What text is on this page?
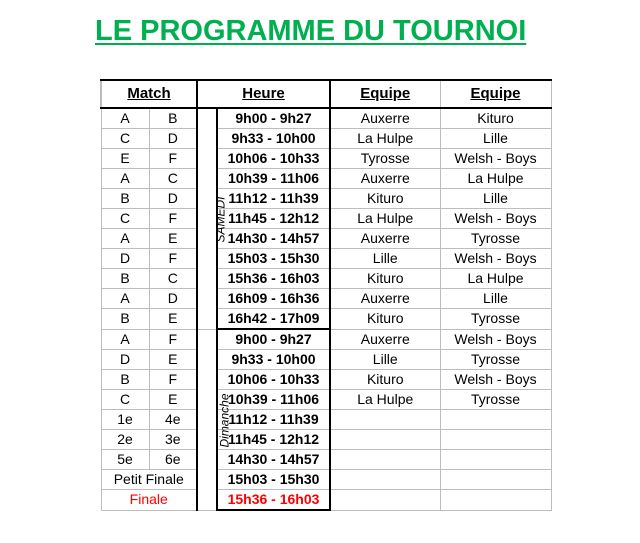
LE PROGRAMME DU TOURNOI
Match		Heure		Equipe	Equipe
A	B	SAMEDI	9h00 - 9h27	Auxerre	Kituro
C	D		9h33 - 10h00	La Hulpe	Lille
E	F		10h06 - 10h33	Tyrosse	Welsh - Boys
A	C		10h39 - 11h06	Auxerre	La Hulpe
B	D		11h12 - 11h39	Kituro	Lille
C	F		11h45 - 12h12	La Hulpe	Welsh - Boys
A	E		14h30 - 14h57	Auxerre	Tyrosse
D	F		15h03 - 15h30	Lille	Welsh - Boys
B	C		15h36 - 16h03	Kituro	La Hulpe
A	D		16h09 - 16h36	Auxerre	Lille
B	E		16h42 - 17h09	Kituro	Tyrosse
A	F	Dimanche	9h00 - 9h27	Auxerre	Welsh - Boys
D	E		9h33 - 10h00	Lille	Tyrosse
B	F		10h06 - 10h33	Kituro	Welsh - Boys
C	E		10h39 - 11h06	La Hulpe	Tyrosse
1e	4e		11h12 - 11h39		
2e	3e		11h45 - 12h12		
5e	6e		14h30 - 14h57		
Petit Finale			15h03 - 15h30		
Finale			15h36 - 16h03		
